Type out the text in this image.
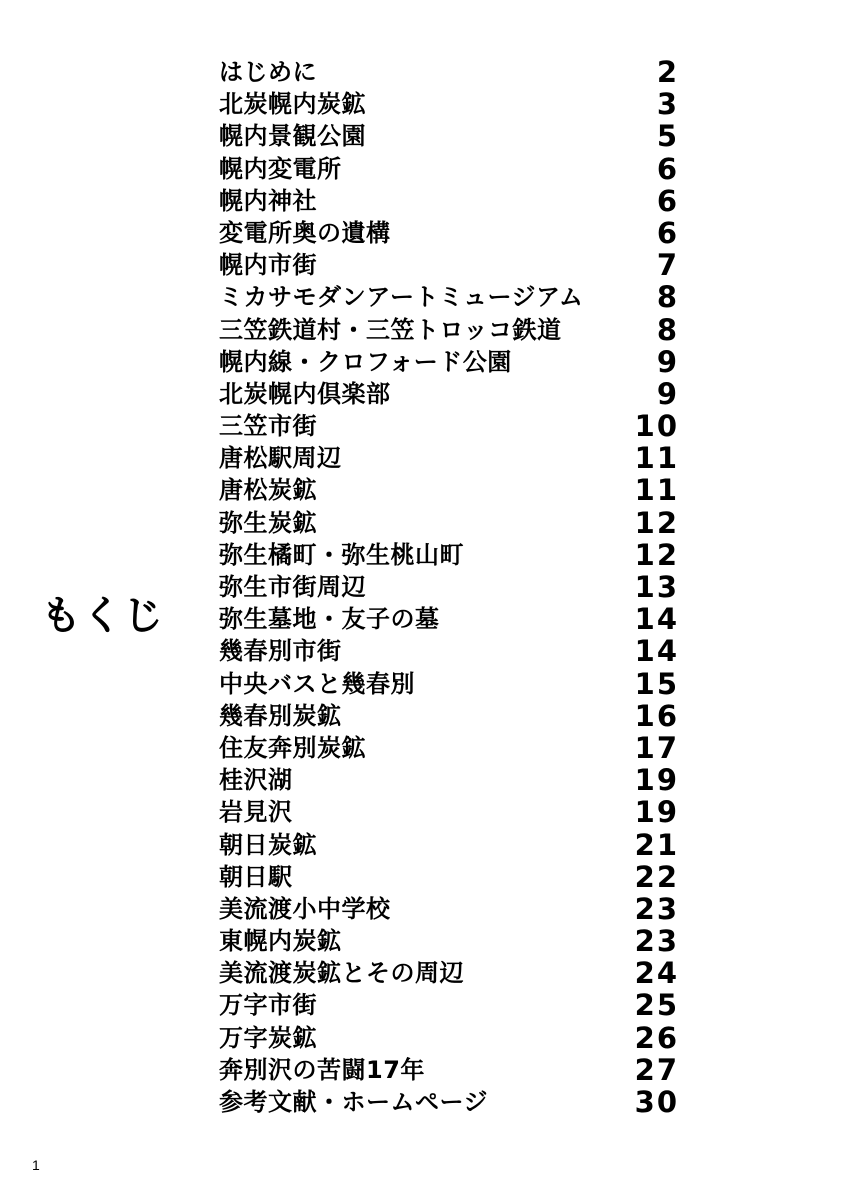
もくじ
はじめに	2
北炭幌内炭鉱	3
幌内景観公園	5
幌内変電所	6
幌内神社	6
変電所奥の遺構	6
幌内市街	7
ミカサモダンアートミュージアム	8
三笠鉄道村・三笠トロッコ鉄道	8
幌内線・クロフォード公園	9
北炭幌内倶楽部	9
三笠市街	10
唐松駅周辺	11
唐松炭鉱	11
弥生炭鉱	12
弥生橘町・弥生桃山町	12
弥生市街周辺	13
弥生墓地・友子の墓	14
幾春別市街	14
中央バスと幾春別	15
幾春別炭鉱	16
住友奔別炭鉱	17
桂沢湖	19
岩見沢	19
朝日炭鉱	21
朝日駅	22
美流渡小中学校	23
東幌内炭鉱	23
美流渡炭鉱とその周辺	24
万字市街	25
万字炭鉱	26
奔別沢の苦闘17年	27
参考文献・ホームページ	30
1
